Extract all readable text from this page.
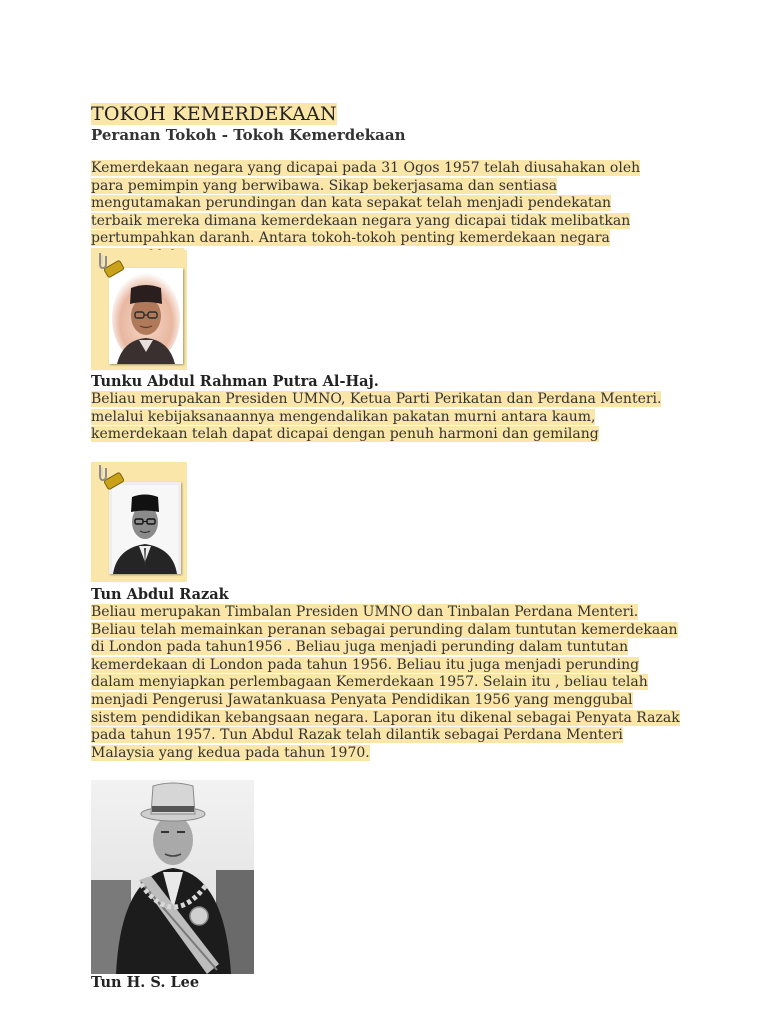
TOKOH KEMERDEKAAN

Peranan Tokoh - Tokoh Kemerdekaan

Kemerdekaan negara yang dicapai pada 31 Ogos 1957 telah diusahakan oleh para pemimpin yang berwibawa. Sikap bekerjasama dan sentiasa mengutamakan perundingan dan kata sepakat telah menjadi pendekatan terbaik mereka dimana kemerdekaan negara yang dicapai tidak melibatkan pertumpahkan daranh. Antara tokoh-tokoh penting kemerdekaan negara

Tunku Abdul Rahman Putra Al-Haj.

Beliau merupakan Presiden UMNO, Ketua Parti Perikatan dan Perdana Menteri. melalui kebijaksanaannya mengendalikan pakatan murni antara kaum, kemerdekaan telah dapat dicapai dengan penuh harmoni dan gemilang

Tun Abdul Razak

Beliau merupakan Timbalan Presiden UMNO dan Tinbalan Perdana Menteri. Beliau telah memainkan peranan sebagai perunding dalam tuntutan kemerdekaan di London pada tahun1956 . Beliau juga menjadi perunding dalam tuntutan kemerdekaan di London pada tahun 1956. Beliau itu juga menjadi perunding dalam menyiapkan perlembagaan Kemerdekaan 1957. Selain itu , beliau telah menjadi Pengerusi Jawatankuasa Penyata Pendidikan 1956 yang menggubal sistem pendidikan kebangsaan negara. Laporan itu dikenal sebagai Penyata Razak pada tahun 1957. Tun Abdul Razak telah dilantik sebagai Perdana Menteri Malaysia yang kedua pada tahun 1970.

Tun H. S. Lee
